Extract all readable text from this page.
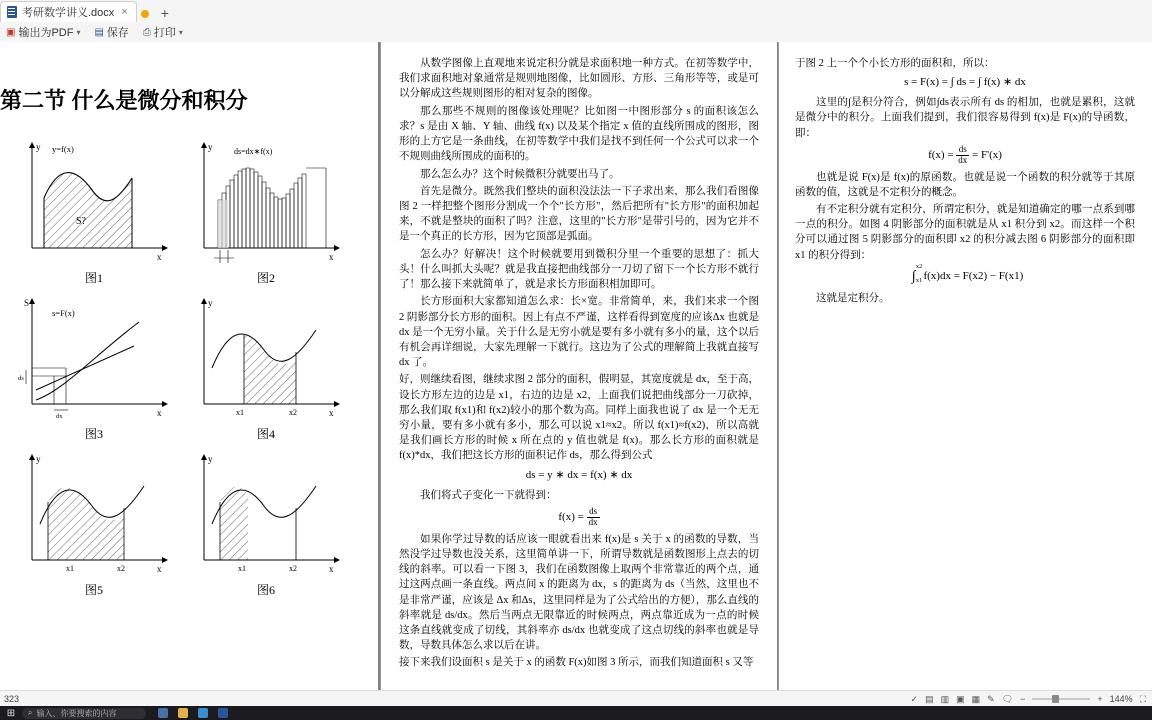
考研数学讲义.docx × +
▣ 输出为PDF ▾ ▤ 保存 ⎙ 打印 ▾
第二节 什么是微分和积分
y
x
y=f(x)
S?
图1
y
x
ds=dx∗f(x)
图2
S
x
s=F(x)
ds
dx
图3
y
x
x1	x2
图4
y
x
x1	x2
图5
y
x
x1	x2
图6

从数学图像上直观地来说定积分就是求面积地一种方式。在初等数学中，我们求面积地对象通常是规则地图像，比如圆形、方形、三角形等等，或是可以分解成这些规则图形的相对复杂的图像。

那么那些不规则的图像该处理呢？比如图一中图形部分 s 的面积该怎么求？s 是由 X 轴、Y 轴、曲线 f(x) 以及某个指定 x 值的直线所围成的图形，图形的上方它是一条曲线，在初等数学中我们是找不到任何一个公式可以求一个不规则曲线所围成的面积的。

那么怎么办？这个时候微积分就要出马了。

首先是微分。既然我们整块的面积没法法一下子求出来，那么我们看图像图 2 一样把整个图形分割成一个个"长方形"，然后把所有"长方形"的面积加起来，不就是整块的面积了吗？注意，这里的"长方形"是带引号的，因为它并不是一个真正的长方形，因为它顶部是弧面。

怎么办？好解决！这个时候就要用到微积分里一个重要的思想了：抓大头！什么叫抓大头呢？就是我直接把曲线部分一刀切了留下一个长方形不就行了！那么接下来就简单了，就是求长方形面积相加即可。

长方形面积大家都知道怎么求：长×宽。非常简单，来，我们来求一个图 2 阴影部分长方形的面积。因上有点不严谨，这样看得到宽度的应该Δx 也就是 dx 是一个无穷小量。关于什么是无穷小就是要有多小就有多小的量，这个以后有机会再详细说，大家先理解一下就行。这边为了公式的理解简上我就直接写 dx 了。

好，则继续看图，继续求图 2 部分的面积，假明显，其宽度就是 dx，至于高，设长方形左边的边是 x1，右边的边是 x2，上面我们说把曲线部分一刀砍掉，那么我们取 f(x1)和 f(x2)较小的那个数为高。同样上面我也说了 dx 是一个无无穷小量，要有多小就有多小，那么可以说 x1≈x2。所以 f(x1)≈f(x2)，所以高就是我们画长方形的时候 x 所在点的 y 值也就是 f(x)。那么长方形的面积就是 f(x)*dx，我们把这长方形的面积记作 ds，那么得到公式

ds = y ∗ dx = f(x) ∗ dx

我们将式子变化一下就得到：

$f(x) = \frac{ds}{dx}$

如果你学过导数的话应该一眼就看出来 f(x)是 s 关于 x 的函数的导数，当然没学过导数也没关系，这里简单讲一下，所谓导数就是函数图形上点去的切线的斜率。可以看一下图 3，我们在函数图像上取两个非常靠近的两个点，通过这两点画一条直线。两点间 x 的距离为 dx，s 的距离为 ds（当然，这里也不是非常严谨，应该是 Δx 和Δs，这里同样是为了公式给出的方便），那么直线的斜率就是 ds/dx。然后当两点无限靠近的时候两点，两点靠近成为一点的时候这条直线就变成了切线，其斜率亦 ds/dx 也就变成了这点切线的斜率也就是导数，导数具体怎么求以后在讲。

接下来我们设面积 s 是关于 x 的函数 F(x)如图 3 所示，而我们知道面积 s 又等

于图 2 上一个个小长方形的面积和，所以：

s = F(x) = ∫ ds = ∫ f(x) ∗ dx

这里的∫是积分符合，例如∫ds表示所有 ds 的相加，也就是累积，这就是微分中的积分。上面我们提到，我们很容易得到 f(x)是 F(x)的导函数，即：

$f(x) = \frac{ds}{dx} = F'(x)$

也就是说 F(x)是 f(x)的原函数。也就是说一个函数的积分就等于其原函数的值，这就是不定积分的概念。

有不定积分就有定积分，所谓定积分，就是知道确定的哪一点系到哪一点的积分。如图 4 阴影部分的面积就是从 x1 积分到 x2。而这样一个积分可以通过图 5 阴影部分的面积即 x2 的积分减去图 6 阴影部分的面积即 x1 的积分得到：

∫
x2
x1 f(x)dx = F(x2) − F(x1)

这就是定积分。

323	✓ ▤ ▥ ▣ ▦ ✎ 🗨 −	+ 144% ⛶
⊞	⌕ 输入、你要搜索的内容
